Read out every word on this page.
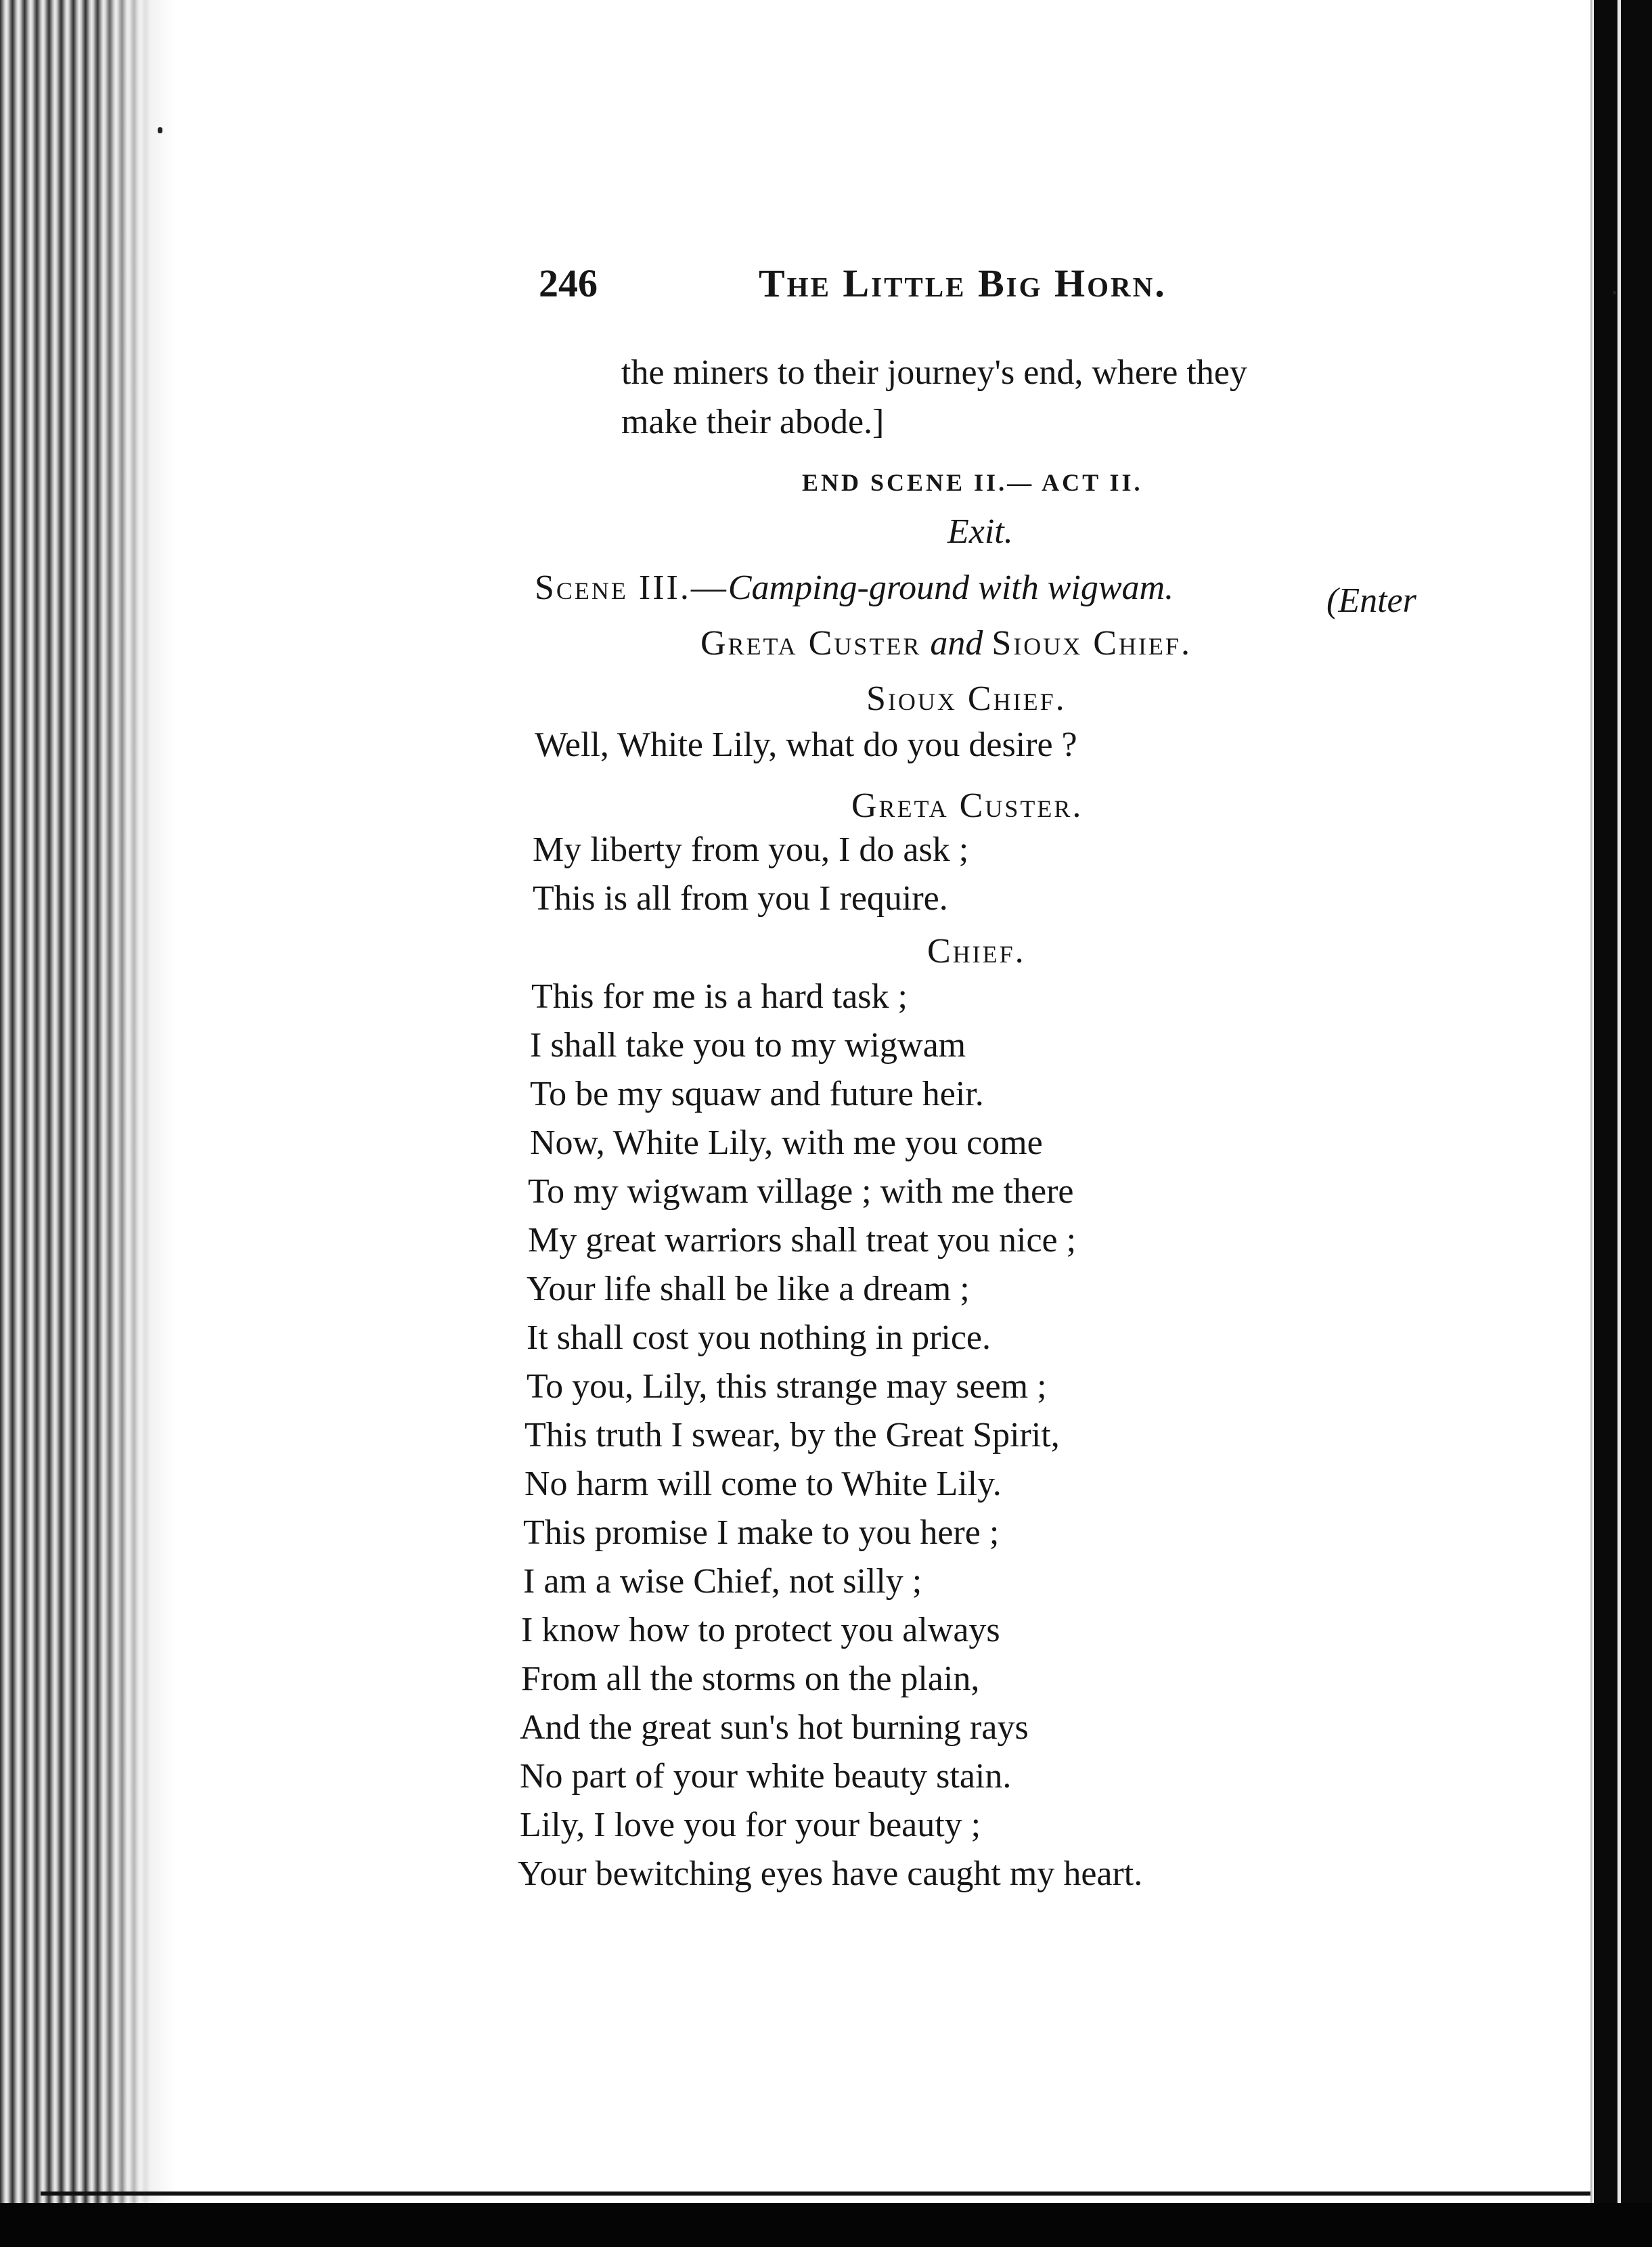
246	The Little Big Horn.
the miners to their journey's end, where they
make their abode.]
END SCENE II.— ACT II.
Exit.
Scene III.—Camping-ground with wigwam.	(Enter
Greta Custer and Sioux Chief.
Sioux Chief.
Well, White Lily, what do you desire ?
Greta Custer.
My liberty from you, I do ask ;
This is all from you I require.
Chief.
This for me is a hard task ;
I shall take you to my wigwam
To be my squaw and future heir.
Now, White Lily, with me you come
To my wigwam village ; with me there
My great warriors shall treat you nice ;
Your life shall be like a dream ;
It shall cost you nothing in price.
To you, Lily, this strange may seem ;
This truth I swear, by the Great Spirit,
No harm will come to White Lily.
This promise I make to you here ;
I am a wise Chief, not silly ;
I know how to protect you always
From all the storms on the plain,
And the great sun's hot burning rays
No part of your white beauty stain.
Lily, I love you for your beauty ;
Your bewitching eyes have caught my heart.
